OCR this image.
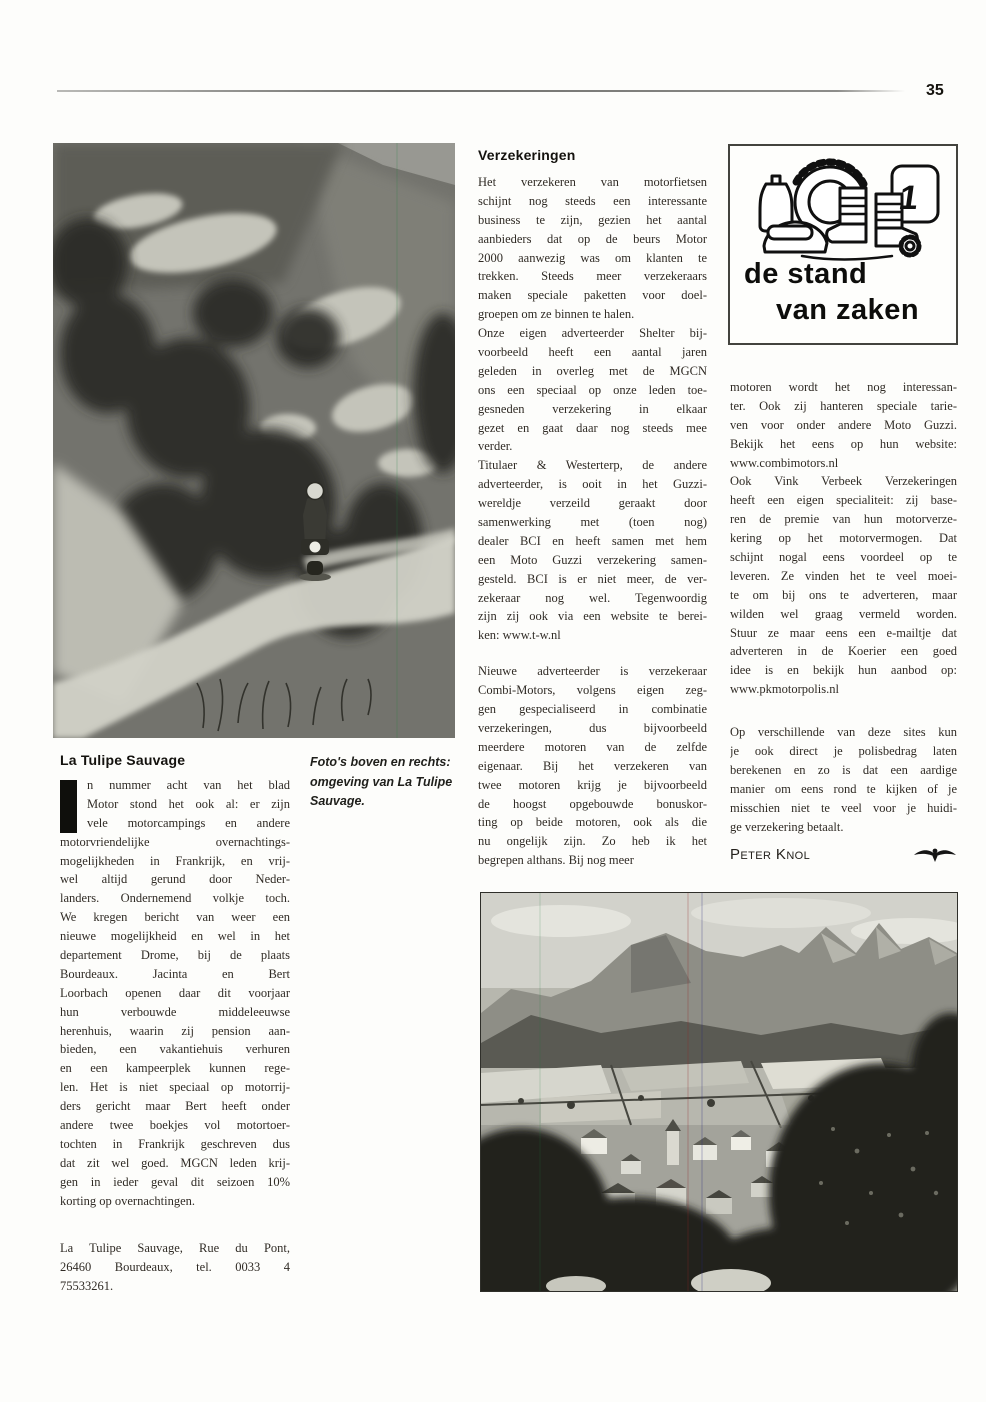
35
La Tulipe Sauvage
n nummer acht van het blad
Motor stond het ook al: er zijn
vele motorcampings en andere
motorvriendelijke overnachtings-
mogelijkheden in Frankrijk, en vrij-
wel altijd gerund door Neder-
landers. Ondernemend volkje toch.
We kregen bericht van weer een
nieuwe mogelijkheid en wel in het
departement Drome, bij de plaats
Bourdeaux. Jacinta en Bert
Loorbach openen daar dit voorjaar
hun verbouwde middeleeuwse
herenhuis, waarin zij pension aan-
bieden, een vakantiehuis verhuren
en een kampeerplek kunnen rege-
len. Het is niet speciaal op motorrij-
ders gericht maar Bert heeft onder
andere twee boekjes vol motortoer-
tochten in Frankrijk geschreven dus
dat zit wel goed. MGCN leden krij-
gen in ieder geval dit seizoen 10%
korting op overnachtingen.
La Tulipe Sauvage, Rue du Pont,
26460 Bourdeaux, tel. 0033 4
75533261.
Foto's boven en rechts:
omgeving van La Tulipe
Sauvage.
Verzekeringen
Het verzekeren van motorfietsen
schijnt nog steeds een interessante
business te zijn, gezien het aantal
aanbieders dat op de beurs Motor
2000 aanwezig was om klanten te
trekken. Steeds meer verzekeraars
maken speciale paketten voor doel-
groepen om ze binnen te halen.
Onze eigen adverteerder Shelter bij-
voorbeeld heeft een aantal jaren
geleden in overleg met de MGCN
ons een speciaal op onze leden toe-
gesneden verzekering in elkaar
gezet en gaat daar nog steeds mee
verder.
Titulaer & Westerterp, de andere
adverteerder, is ooit in het Guzzi-
wereldje verzeild geraakt door
samenwerking met (toen nog)
dealer BCI en heeft samen met hem
een Moto Guzzi verzekering samen-
gesteld. BCI is er niet meer, de ver-
zekeraar nog wel. Tegenwoordig
zijn zij ook via een website te berei-
ken: www.t-w.nl
Nieuwe adverteerder is verzekeraar
Combi-Motors, volgens eigen zeg-
gen gespecialiseerd in combinatie
verzekeringen, dus bijvoorbeeld
meerdere motoren van de zelfde
eigenaar. Bij het verzekeren van
twee motoren krijg je bijvoorbeeld
de hoogst opgebouwde bonuskor-
ting op beide motoren, ook als die
nu ongelijk zijn. Zo heb ik het
begrepen althans. Bij nog meer
1
de stand
van zaken
motoren wordt het nog interessan-
ter. Ook zij hanteren speciale tarie-
ven voor onder andere Moto Guzzi.
Bekijk het eens op hun website:
www.combimotors.nl
Ook Vink Verbeek Verzekeringen
heeft een eigen specialiteit: zij base-
ren de premie van hun motorverze-
kering op het motorvermogen. Dat
schijnt nogal eens voordeel op te
leveren. Ze vinden het te veel moei-
te om bij ons te adverteren, maar
wilden wel graag vermeld worden.
Stuur ze maar eens een e-mailtje dat
adverteren in de Koerier een goed
idee is en bekijk hun aanbod op:
www.pkmotorpolis.nl
Op verschillende van deze sites kun
je ook direct je polisbedrag laten
berekenen en zo is dat een aardige
manier om eens rond te kijken of je
misschien niet te veel voor je huidi-
ge verzekering betaalt.
Peter Knol
